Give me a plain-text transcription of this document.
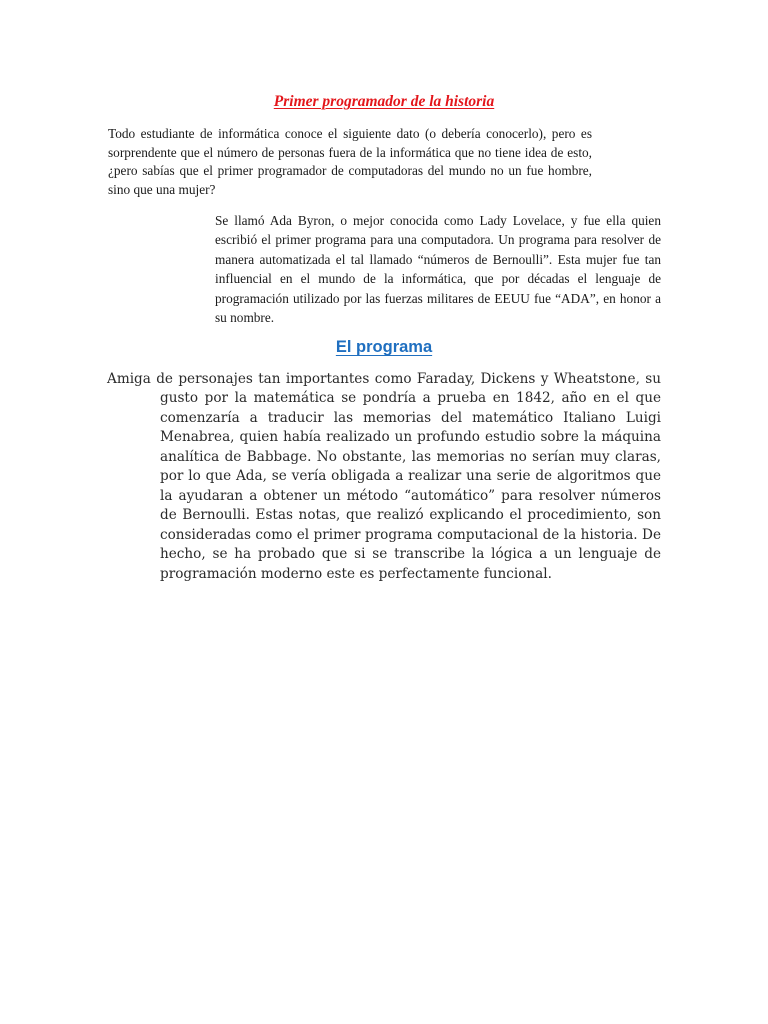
Primer programador de la historia

Todo estudiante de informática conoce el siguiente dato (o debería conocerlo), pero es sorprendente que el número de personas fuera de la informática que no tiene idea de esto, ¿pero sabías que el primer programador de computadoras del mundo no un fue hombre, sino que una mujer?

Se llamó Ada Byron, o mejor conocida como Lady Lovelace, y fue ella quien escribió el primer programa para una computadora. Un programa para resolver de manera automatizada el tal llamado “números de Bernoulli”. Esta mujer fue tan influencial en el mundo de la informática, que por décadas el lenguaje de programación utilizado por las fuerzas militares de EEUU fue “ADA”, en honor a su nombre.

El programa

Amiga de personajes tan importantes como Faraday, Dickens y Wheatstone, su gusto por la matemática se pondría a prueba en 1842, año en el que comenzaría a traducir las memorias del matemático Italiano Luigi Menabrea, quien había realizado un profundo estudio sobre la máquina analítica de Babbage. No obstante, las memorias no serían muy claras, por lo que Ada, se vería obligada a realizar una serie de algoritmos que la ayudaran a obtener un método “automático” para resolver números de Bernoulli. Estas notas, que realizó explicando el procedimiento, son consideradas como el primer programa computacional de la historia. De hecho, se ha probado que si se transcribe la lógica a un lenguaje de programación moderno este es perfectamente funcional.
